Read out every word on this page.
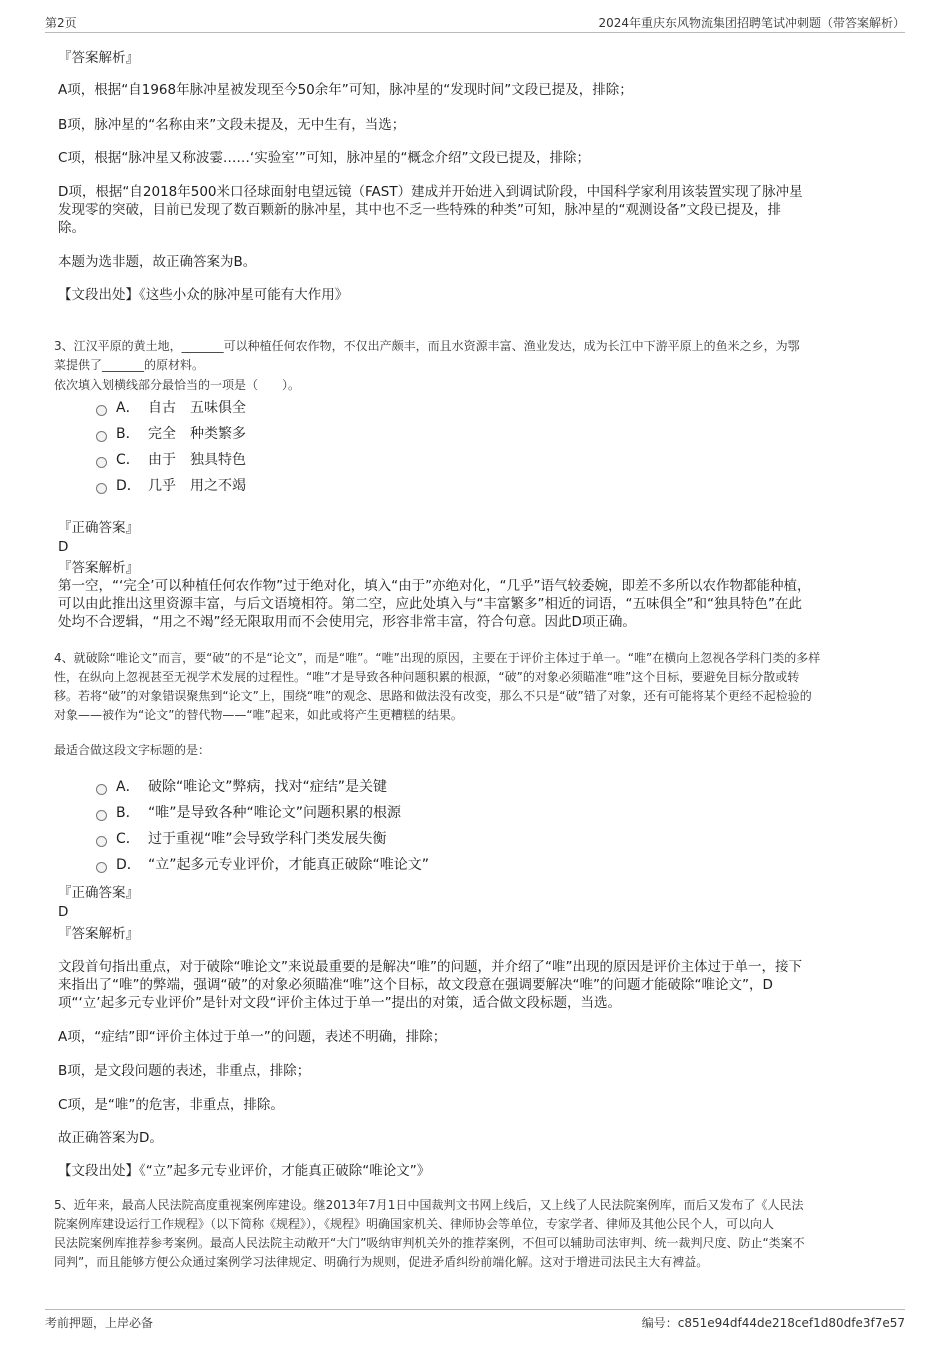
第2页	2024年重庆东风物流集团招聘笔试冲刺题（带答案解析）
『答案解析』
A项，根据“自1968年脉冲星被发现至今50余年”可知，脉冲星的“发现时间”文段已提及，排除；
B项，脉冲星的“名称由来”文段未提及，无中生有，当选；
C项，根据“脉冲星又称波霎……‘实验室’”可知，脉冲星的“概念介绍”文段已提及，排除；
D项，根据“自2018年500米口径球面射电望远镜（FAST）建成并开始进入到调试阶段，中国科学家利用该装置实现了脉冲星
发现零的突破，目前已发现了数百颗新的脉冲星，其中也不乏一些特殊的种类”可知，脉冲星的“观测设备”文段已提及，排
除。
本题为选非题，故正确答案为B。
【文段出处】《这些小众的脉冲星可能有大作用》
3、江汉平原的黄土地，_______可以种植任何农作物，不仅出产颇丰，而且水资源丰富、渔业发达，成为长江中下游平原上的鱼米之乡，为鄂
菜提供了_______的原材料。
依次填入划横线部分最恰当的一项是（　　）。
A． 自古 五味俱全
B． 完全 种类繁多
C． 由于 独具特色
D． 几乎 用之不竭
『正确答案』
D
『答案解析』
第一空，“‘完全’可以种植任何农作物”过于绝对化，填入“由于”亦绝对化，“几乎”语气较委婉，即差不多所以农作物都能种植，
可以由此推出这里资源丰富，与后文语境相符。第二空，应此处填入与“丰富繁多”相近的词语，“五味俱全”和“独具特色”在此
处均不合逻辑，“用之不竭”经无限取用而不会使用完，形容非常丰富，符合句意。因此D项正确。
4、就破除“唯论文”而言，要“破”的不是“论文”，而是“唯”。“唯”出现的原因，主要在于评价主体过于单一。“唯”在横向上忽视各学科门类的多样
性，在纵向上忽视甚至无视学术发展的过程性。“唯”才是导致各种问题积累的根源，“破”的对象必须瞄准“唯”这个目标，要避免目标分散或转
移。若将“破”的对象错误聚焦到“论文”上，围绕“唯”的观念、思路和做法没有改变，那么不只是“破”错了对象，还有可能将某个更经不起检验的
对象——被作为“论文”的替代物——“唯”起来，如此或将产生更糟糕的结果。
最适合做这段文字标题的是：
A． 破除“唯论文”弊病，找对“症结”是关键
B． “唯”是导致各种“唯论文”问题积累的根源
C． 过于重视“唯”会导致学科门类发展失衡
D． “立”起多元专业评价，才能真正破除“唯论文”
『正确答案』
D
『答案解析』
文段首句指出重点，对于破除“唯论文”来说最重要的是解决“唯”的问题，并介绍了“唯”出现的原因是评价主体过于单一，接下
来指出了“唯”的弊端，强调“破”的对象必须瞄准“唯”这个目标，故文段意在强调要解决“唯”的问题才能破除“唯论文”，D
项“‘立’起多元专业评价”是针对文段“评价主体过于单一”提出的对策，适合做文段标题，当选。
A项，“症结”即“评价主体过于单一”的问题，表述不明确，排除；
B项，是文段问题的表述，非重点，排除；
C项，是“唯”的危害，非重点，排除。
故正确答案为D。
【文段出处】《“立”起多元专业评价，才能真正破除“唯论文”》
5、近年来，最高人民法院高度重视案例库建设。继2013年7月1日中国裁判文书网上线后，又上线了人民法院案例库，而后又发布了《人民法
院案例库建设运行工作规程》（以下简称《规程》），《规程》明确国家机关、律师协会等单位，专家学者、律师及其他公民个人，可以向人
民法院案例库推荐参考案例。最高人民法院主动敞开“大门”吸纳审判机关外的推荐案例，不但可以辅助司法审判、统一裁判尺度、防止“类案不
同判”，而且能够方便公众通过案例学习法律规定、明确行为规则，促进矛盾纠纷前端化解。这对于增进司法民主大有裨益。
考前押题，上岸必备	编号：c851e94df44de218cef1d80dfe3f7e57
